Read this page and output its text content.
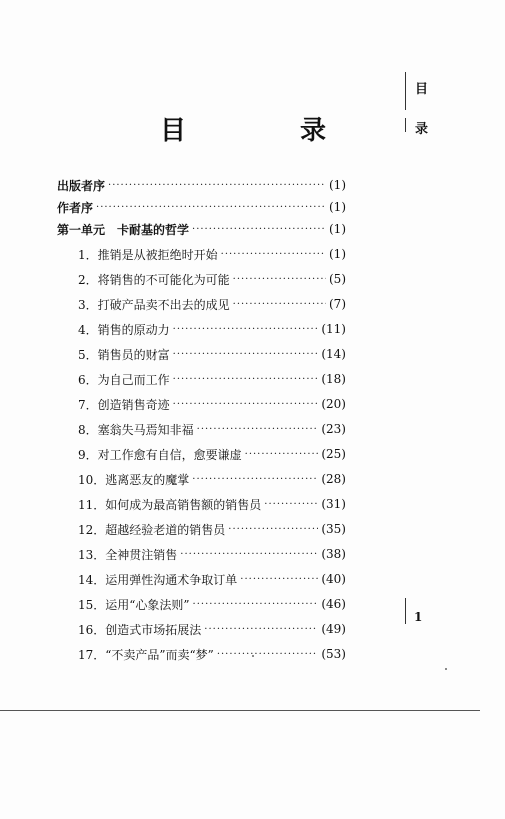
目　录
目
录
出版者序 ·····	(1)
作者序 ·····	(1)
第一单元　卡耐基的哲学 ·····	(1)
1．推销是从被拒绝时开始 ·····	(1)
2．将销售的不可能化为可能 ·····	(5)
3．打破产品卖不出去的成见 ·····	(7)
4．销售的原动力 ·····	(11)
5．销售员的财富 ·····	(14)
6．为自己而工作 ·····	(18)
7．创造销售奇迹 ·····	(20)
8．塞翁失马焉知非福 ·····	(23)
9．对工作愈有自信，愈要谦虚 ·····	(25)
10．逃离恶友的魔掌 ·····	(28)
11．如何成为最高销售额的销售员 ·····	(31)
12．超越经验老道的销售员 ·····	(35)
13．全神贯注销售 ·····	(38)
14．运用弹性沟通术争取订单 ·····	(40)
15．运用“心象法则” ·····	(46)
16．创造式市场拓展法 ·····	(49)
17．“不卖产品”而卖“梦” ·····	(53)
1
